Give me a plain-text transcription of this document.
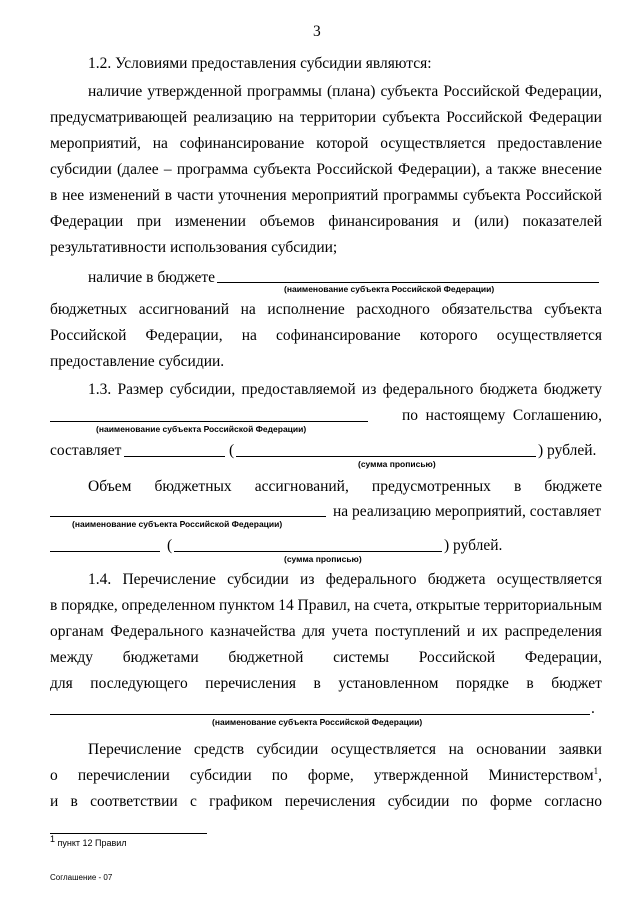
3
1.2. Условиями предоставления субсидии являются:
наличие утвержденной программы (плана) субъекта Российской Федерации,
предусматривающей реализацию на территории субъекта Российской Федерации
мероприятий, на софинансирование которой осуществляется предоставление
субсидии (далее – программа субъекта Российской Федерации), а также внесение
в нее изменений в части уточнения мероприятий программы субъекта Российской
Федерации при изменении объемов финансирования и (или) показателей
результативности использования субсидии;
наличие в бюджете
(наименование субъекта Российской Федерации)
бюджетных ассигнований на исполнение расходного обязательства субъекта
Российской Федерации, на софинансирование которого осуществляется
предоставление субсидии.
1.3. Размер субсидии, предоставляемой из федерального бюджета бюджету
по настоящему Соглашению,
(наименование субъекта Российской Федерации)
составляет	(	) рублей.
(сумма прописью)
Объем бюджетных ассигнований, предусмотренных в бюджете
на реализацию мероприятий, составляет
(наименование субъекта Российской Федерации)
(	) рублей.
(сумма прописью)
1.4. Перечисление субсидии из федерального бюджета осуществляется
в порядке, определенном пунктом 14 Правил, на счета, открытые территориальным
органам Федерального казначейства для учета поступлений и их распределения
между бюджетами бюджетной системы Российской Федерации,
для последующего перечисления в установленном порядке в бюджет
.
(наименование субъекта Российской Федерации)
Перечисление средств субсидии осуществляется на основании заявки
о перечислении субсидии по форме, утвержденной Министерством$^1$,
и в соответствии с графиком перечисления субсидии по форме согласно
1 пункт 12 Правил
Соглашение - 07
